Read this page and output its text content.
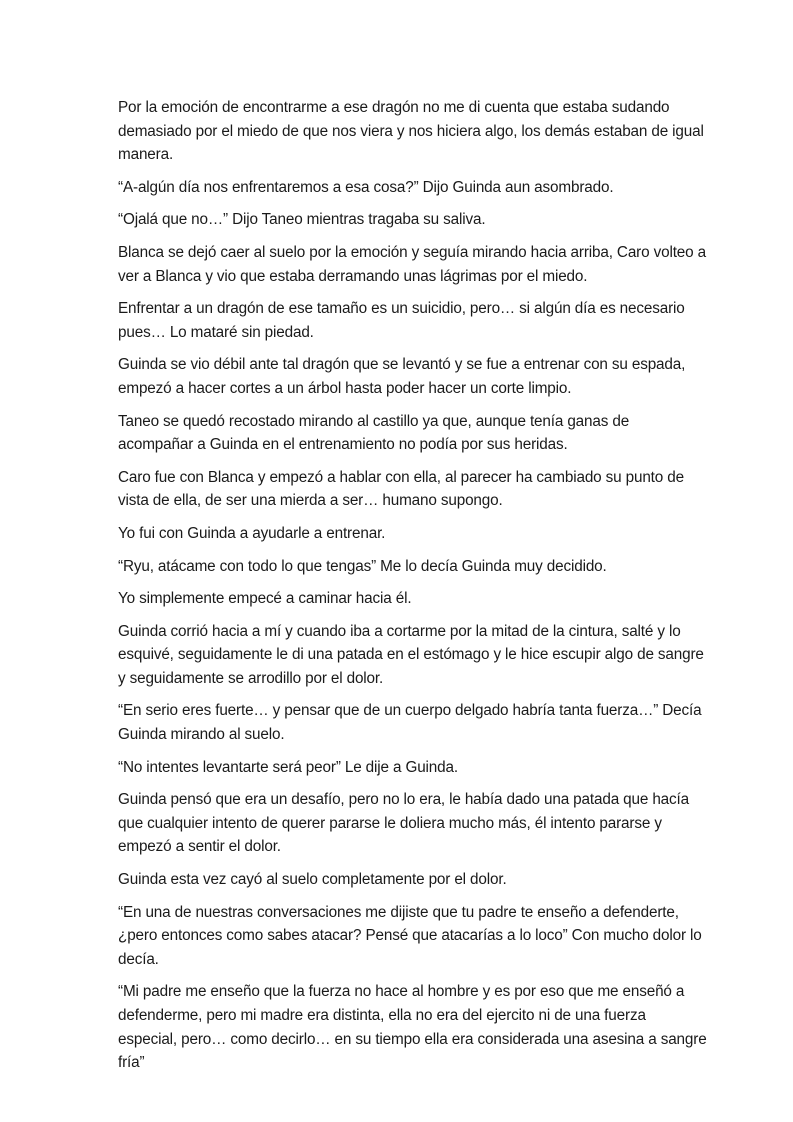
Por la emoción de encontrarme a ese dragón no me di cuenta que estaba sudando demasiado por el miedo de que nos viera y nos hiciera algo, los demás estaban de igual manera.

“A-algún día nos enfrentaremos a esa cosa?” Dijo Guinda aun asombrado.

“Ojalá que no…” Dijo Taneo mientras tragaba su saliva.

Blanca se dejó caer al suelo por la emoción y seguía mirando hacia arriba, Caro volteo a ver a Blanca y vio que estaba derramando unas lágrimas por el miedo.

Enfrentar a un dragón de ese tamaño es un suicidio, pero… si algún día es necesario pues… Lo mataré sin piedad.

Guinda se vio débil ante tal dragón que se levantó y se fue a entrenar con su espada, empezó a hacer cortes a un árbol hasta poder hacer un corte limpio.

Taneo se quedó recostado mirando al castillo ya que, aunque tenía ganas de acompañar a Guinda en el entrenamiento no podía por sus heridas.

Caro fue con Blanca y empezó a hablar con ella, al parecer ha cambiado su punto de vista de ella, de ser una mierda a ser… humano supongo.

Yo fui con Guinda a ayudarle a entrenar.

“Ryu, atácame con todo lo que tengas” Me lo decía Guinda muy decidido.

Yo simplemente empecé a caminar hacia él.

Guinda corrió hacia a mí y cuando iba a cortarme por la mitad de la cintura, salté y lo esquivé, seguidamente le di una patada en el estómago y le hice escupir algo de sangre y seguidamente se arrodillo por el dolor.

“En serio eres fuerte… y pensar que de un cuerpo delgado habría tanta fuerza…” Decía Guinda mirando al suelo.

“No intentes levantarte será peor” Le dije a Guinda.

Guinda pensó que era un desafío, pero no lo era, le había dado una patada que hacía que cualquier intento de querer pararse le doliera mucho más, él intento pararse y empezó a sentir el dolor.

Guinda esta vez cayó al suelo completamente por el dolor.

“En una de nuestras conversaciones me dijiste que tu padre te enseño a defenderte, ¿pero entonces como sabes atacar? Pensé que atacarías a lo loco” Con mucho dolor lo decía.

“Mi padre me enseño que la fuerza no hace al hombre y es por eso que me enseñó a defenderme, pero mi madre era distinta, ella no era del ejercito ni de una fuerza especial, pero… como decirlo… en su tiempo ella era considerada una asesina a sangre fría”
